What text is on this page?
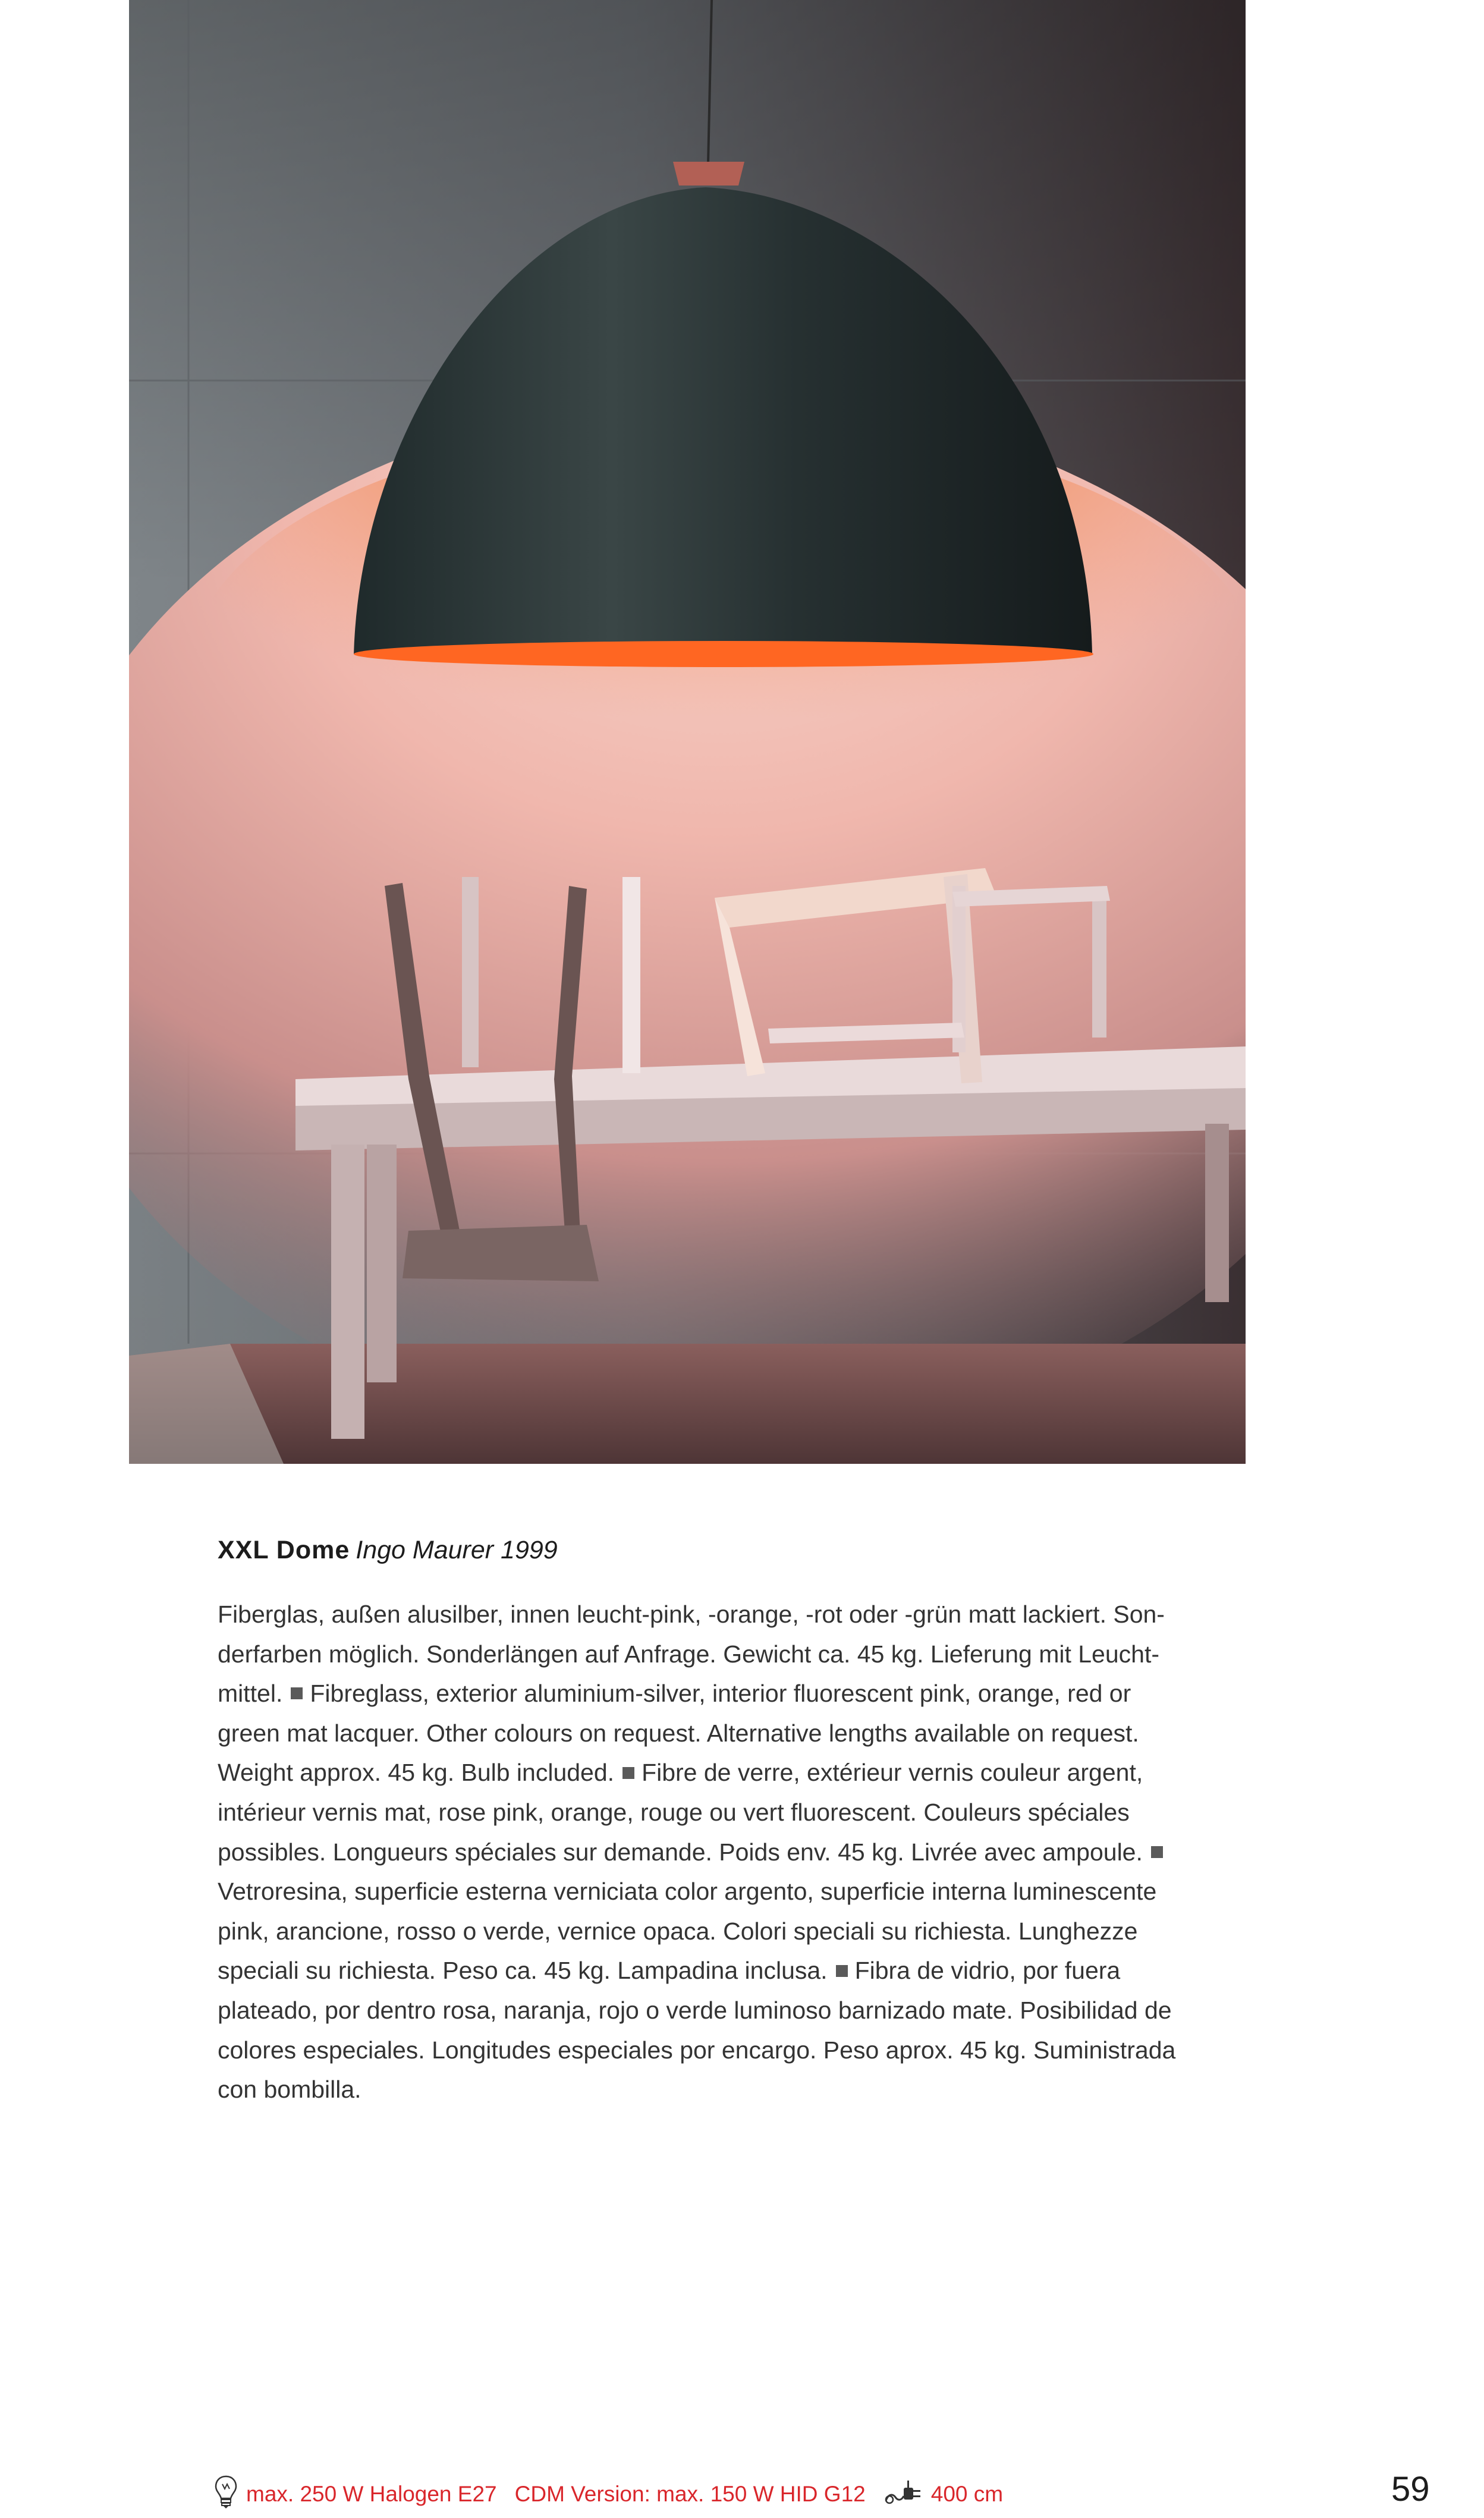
XXL Dome Ingo Maurer 1999
Fiberglas, außen alusilber, innen leucht-pink, -orange, -rot oder -grün matt lackiert. Son-
derfarben möglich. Sonderlängen auf Anfrage. Gewicht ca. 45 kg. Lieferung mit Leucht-
mittel. Fibreglass, exterior aluminium-silver, interior fluorescent pink, orange, red or
green mat lacquer. Other colours on request. Alternative lengths available on request.
Weight approx. 45 kg. Bulb included. Fibre de verre, extérieur vernis couleur argent,
intérieur vernis mat, rose pink, orange, rouge ou vert fluorescent. Couleurs spéciales
possibles. Longueurs spéciales sur demande. Poids env. 45 kg. Livrée avec ampoule.
Vetroresina, superficie esterna verniciata color argento, superficie interna luminescente
pink, arancione, rosso o verde, vernice opaca. Colori speciali su richiesta. Lunghezze
speciali su richiesta. Peso ca. 45 kg. Lampadina inclusa. Fibra de vidrio, por fuera
plateado, por dentro rosa, naranja, rojo o verde luminoso barnizado mate. Posibilidad de
colores especiales. Longitudes especiales por encargo. Peso aprox. 45 kg. Suministrada
con bombilla.
max. 250 W Halogen E27 CDM Version: max. 150 W HID G12	400 cm	59
